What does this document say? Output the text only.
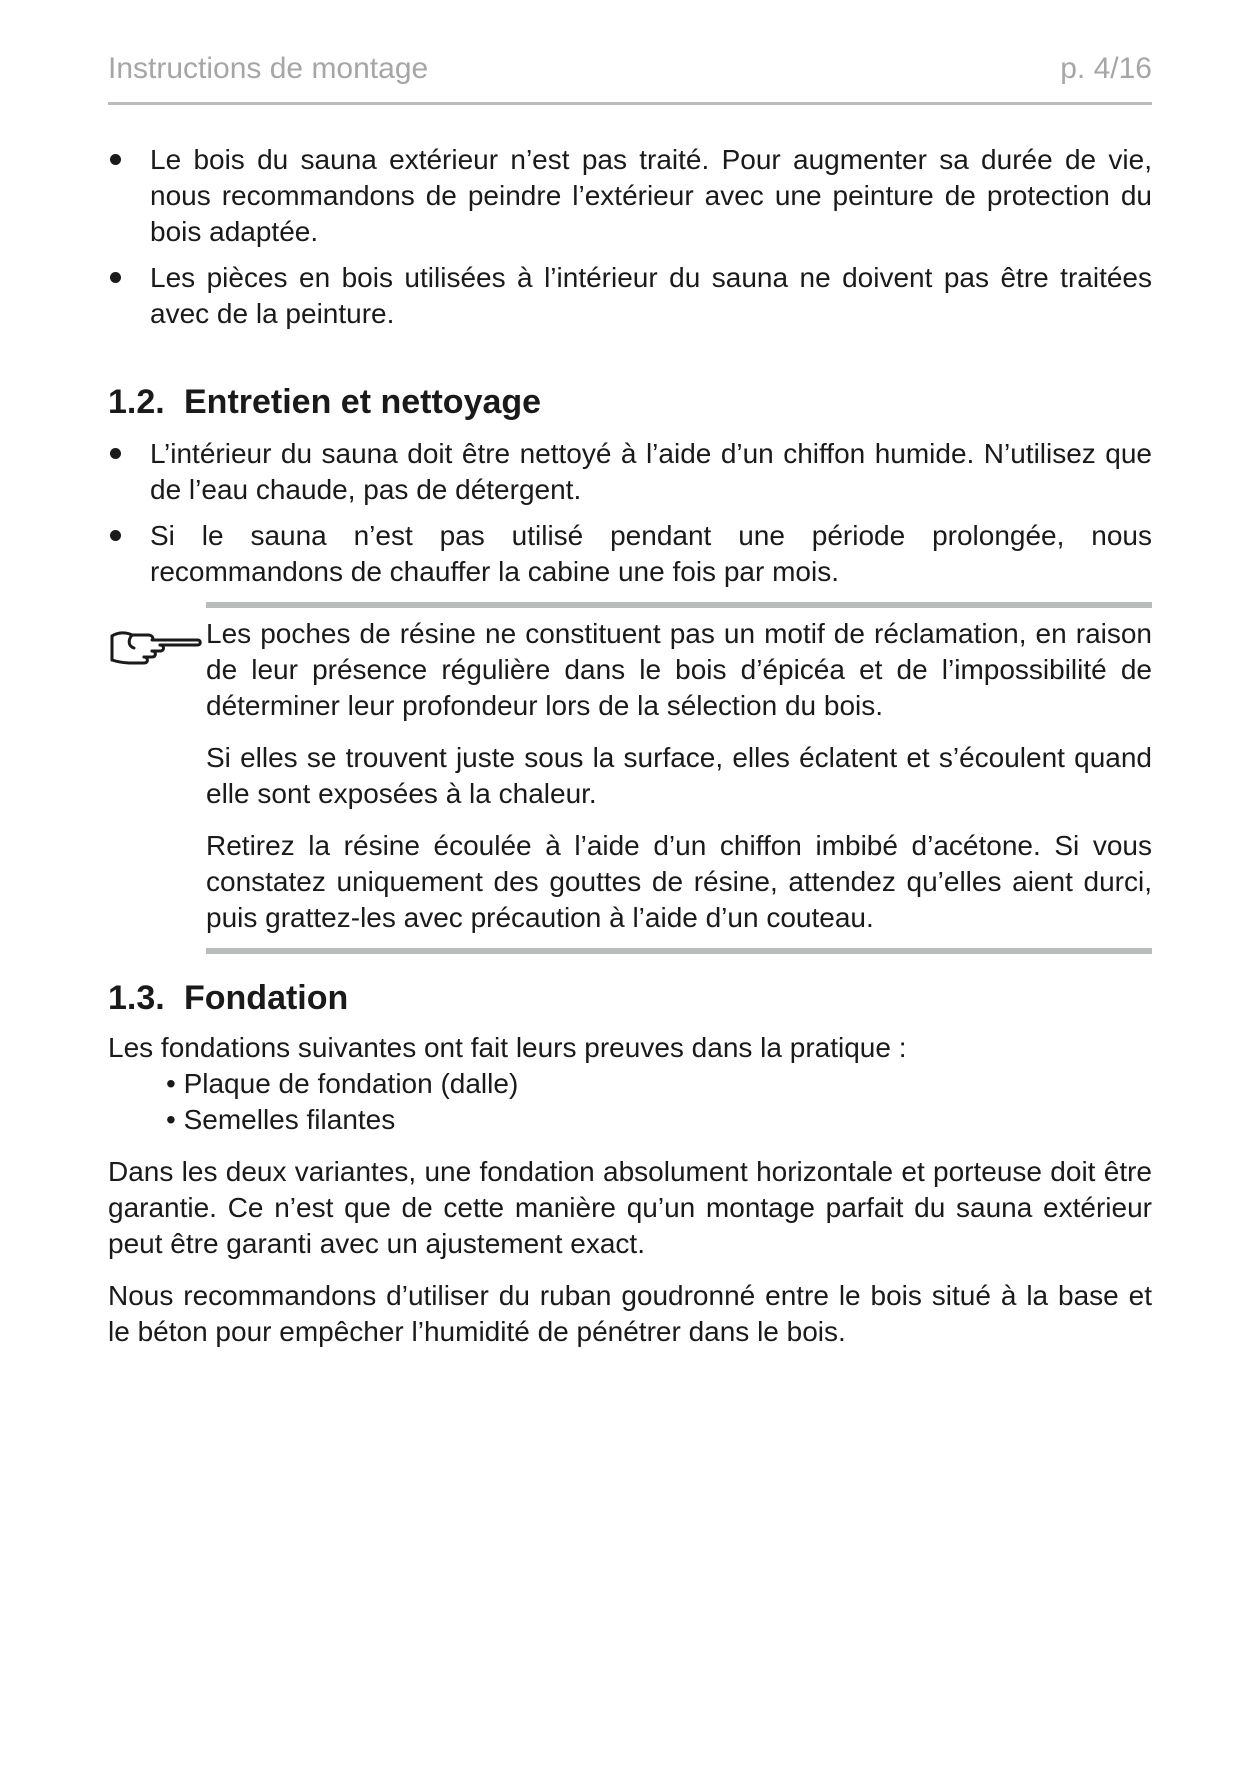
Instructions de montage	p. 4/16
Le bois du sauna extérieur n’est pas traité. Pour augmenter sa durée de vie, nous recommandons de peindre l’extérieur avec une peinture de protection du bois adaptée.
Les pièces en bois utilisées à l’intérieur du sauna ne doivent pas être traitées avec de la peinture.
1.2. Entretien et nettoyage
L’intérieur du sauna doit être nettoyé à l’aide d’un chiffon humide. N’utilisez que de l’eau chaude, pas de détergent.
Si le sauna n’est pas utilisé pendant une période prolongée, nous recommandons de chauffer la cabine une fois par mois.

Les poches de résine ne constituent pas un motif de réclamation, en raison de leur présence régulière dans le bois d’épicéa et de l’impossibilité de déterminer leur profondeur lors de la sélection du bois.

Si elles se trouvent juste sous la surface, elles éclatent et s’écoulent quand elle sont exposées à la chaleur.

Retirez la résine écoulée à l’aide d’un chiffon imbibé d’acétone. Si vous constatez uniquement des gouttes de résine, attendez qu’elles aient durci, puis grattez-les avec précaution à l’aide d’un couteau.

1.3. Fondation

Les fondations suivantes ont fait leurs preuves dans la pratique :

• Plaque de fondation (dalle)
• Semelles filantes

Dans les deux variantes, une fondation absolument horizontale et porteuse doit être garantie. Ce n’est que de cette manière qu’un montage parfait du sauna extérieur peut être garanti avec un ajustement exact.

Nous recommandons d’utiliser du ruban goudronné entre le bois situé à la base et le béton pour empêcher l’humidité de pénétrer dans le bois.
